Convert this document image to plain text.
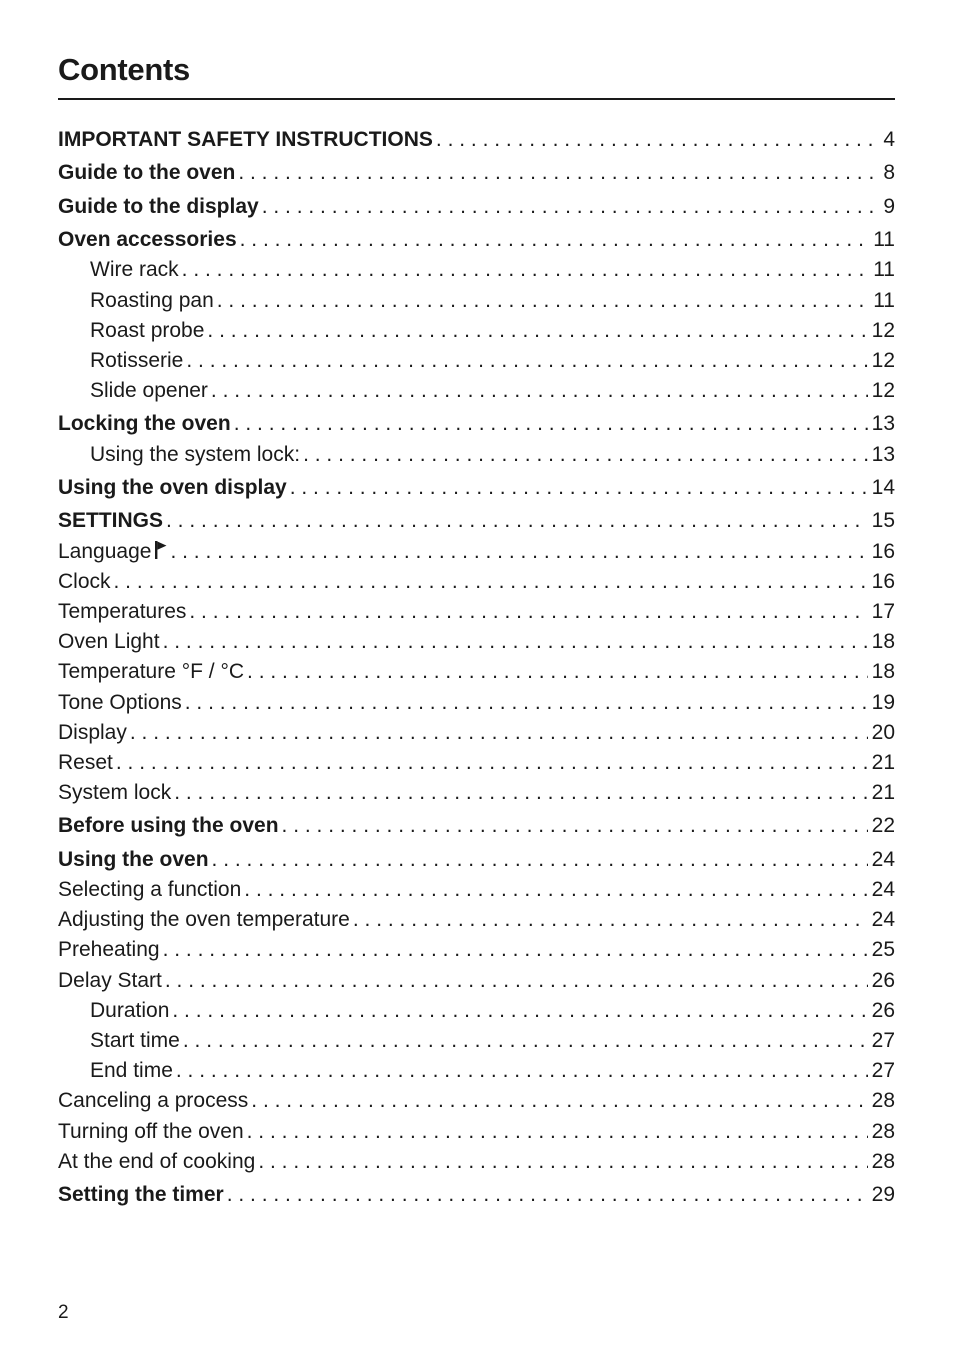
Contents
IMPORTANT SAFETY INSTRUCTIONS . . .	4
Guide to the oven . . .	8
Guide to the display . . .	9
Oven accessories . . .	11
Wire rack . . .	11
Roasting pan . . .	11
Roast probe . . .	12
Rotisserie . . .	12
Slide opener . . .	12
Locking the oven . . .	13
Using the system lock: . . .	13
Using the oven display . . .	14
SETTINGS . . .	15
Language . . .	16
Clock . . .	16
Temperatures . . .	17
Oven Light . . .	18
Temperature °F / °C . . .	18
Tone Options . . .	19
Display . . .	20
Reset . . .	21
System lock . . .	21
Before using the oven . . .	22
Using the oven . . .	24
Selecting a function . . .	24
Adjusting the oven temperature . . .	24
Preheating . . .	25
Delay Start . . .	26
Duration . . .	26
Start time . . .	27
End time . . .	27
Canceling a process . . .	28
Turning off the oven . . .	28
At the end of cooking . . .	28
Setting the timer . . .	29
2
